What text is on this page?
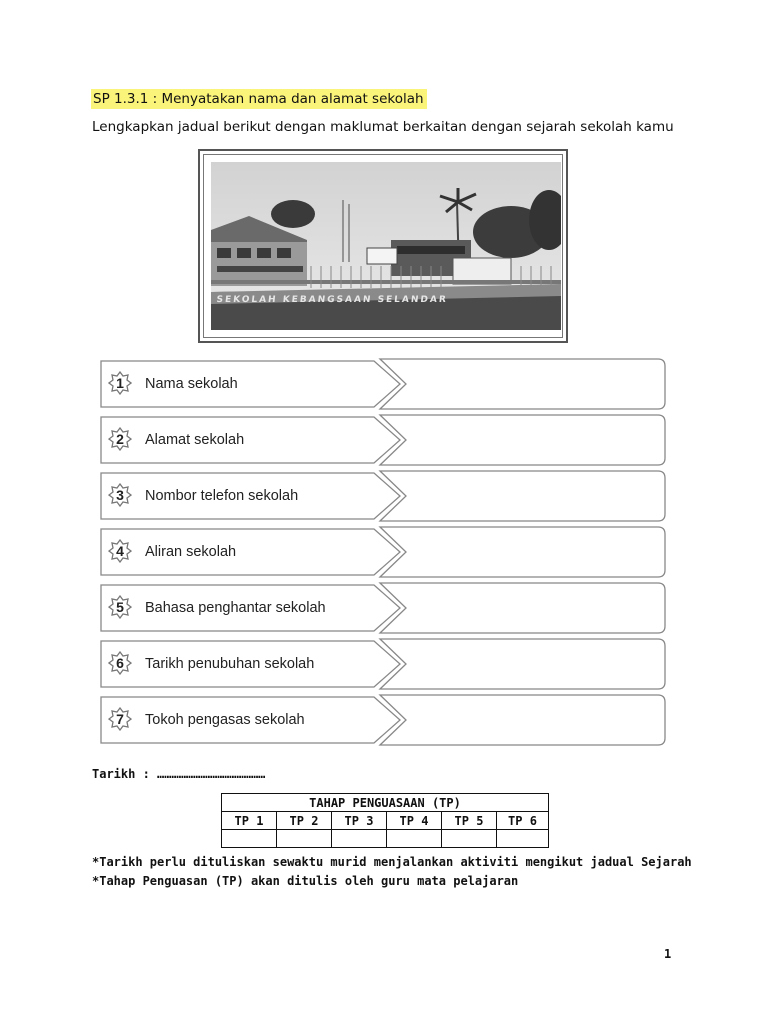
SP 1.3.1 : Menyatakan nama dan alamat sekolah
Lengkapkan jadual berikut dengan maklumat berkaitan dengan sejarah sekolah kamu
SEKOLAH KEBANGSAAN SELANDAR
1	Nama sekolah
2	Alamat sekolah
3	Nombor telefon sekolah
4	Aliran sekolah
5	Bahasa penghantar sekolah
6	Tarikh penubuhan sekolah
7	Tokoh pengasas sekolah
Tarikh : ………………………………………
TAHAP PENGUASAAN (TP)					
TP 1	TP 2	TP 3	TP 4	TP 5	TP 6

*Tarikh perlu dituliskan sewaktu murid menjalankan aktiviti mengikut jadual Sejarah
*Tahap Penguasan (TP) akan ditulis oleh guru mata pelajaran
1
